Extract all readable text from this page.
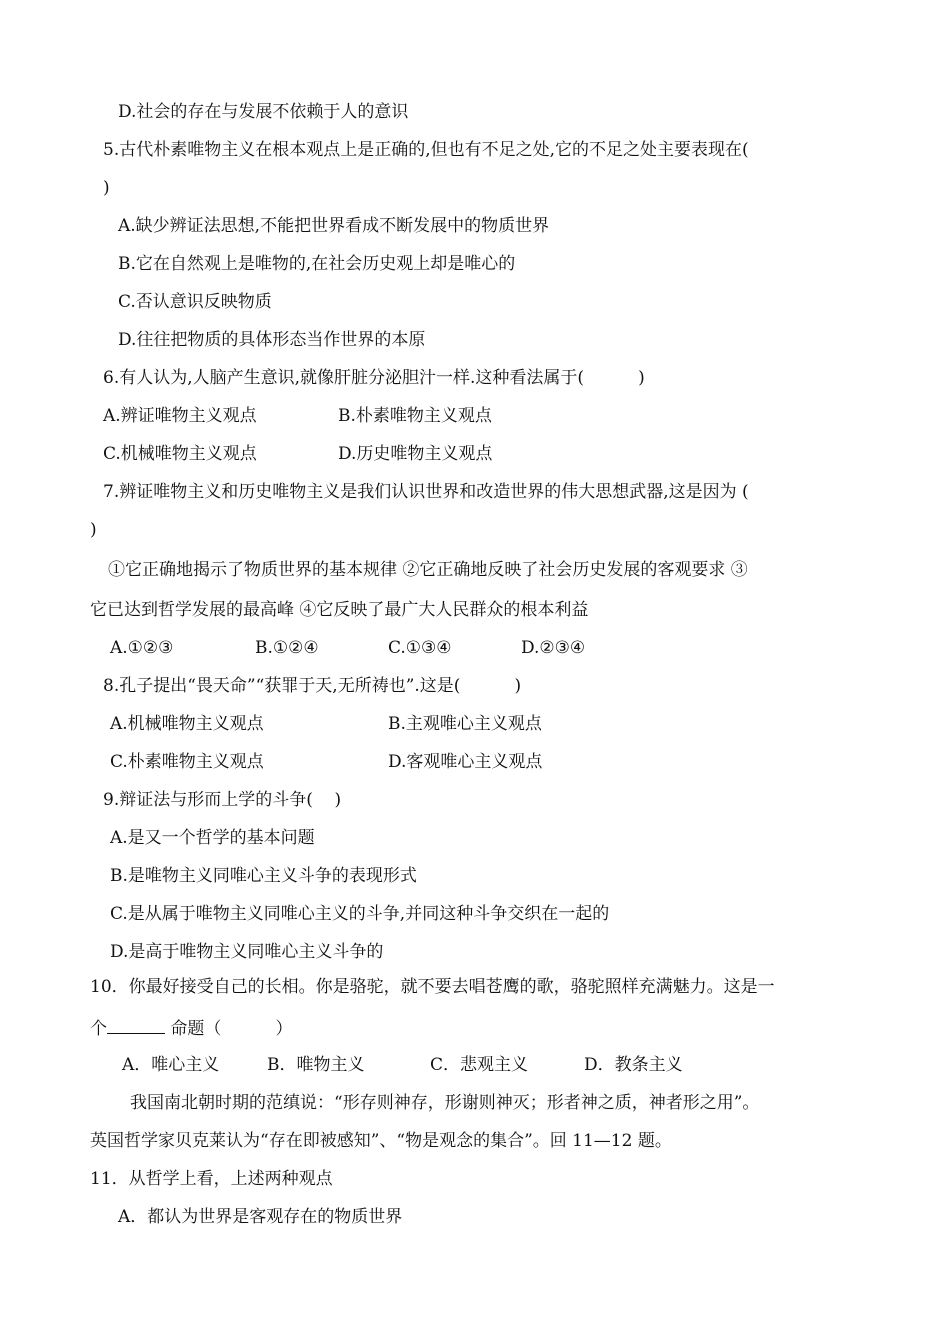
D.社会的存在与发展不依赖于人的意识
5.古代朴素唯物主义在根本观点上是正确的,但也有不足之处,它的不足之处主要表现在(
)
A.缺少辨证法思想,不能把世界看成不断发展中的物质世界
B.它在自然观上是唯物的,在社会历史观上却是唯心的
C.否认意识反映物质
D.往往把物质的具体形态当作世界的本原
6.有人认为,人脑产生意识,就像肝脏分泌胆汁一样.这种看法属于(          )
A.辨证唯物主义观点	B.朴素唯物主义观点
C.机械唯物主义观点	D.历史唯物主义观点
7.辨证唯物主义和历史唯物主义是我们认识世界和改造世界的伟大思想武器,这是因为 (
)
①它正确地揭示了物质世界的基本规律 ②它正确地反映了社会历史发展的客观要求 ③
它已达到哲学发展的最高峰 ④它反映了最广大人民群众的根本利益
A.①②③	B.①②④	C.①③④	D.②③④
8.孔子提出“畏天命”“获罪于天,无所祷也”.这是(          )
A.机械唯物主义观点	B.主观唯心主义观点
C.朴素唯物主义观点	D.客观唯心主义观点
9.辩证法与形而上学的斗争(    )
A.是又一个哲学的基本问题
B.是唯物主义同唯心主义斗争的表现形式
C.是从属于唯物主义同唯心主义的斗争,并同这种斗争交织在一起的
D.是高于唯物主义同唯心主义斗争的
10．你最好接受自己的长相。你是骆驼，就不要去唱苍鹰的歌，骆驼照样充满魅力。这是一
个	命题（          ）
A．唯心主义	B．唯物主义	C．悲观主义	D．教条主义
我国南北朝时期的范缜说：“形存则神存，形谢则神灭；形者神之质，神者形之用”。
英国哲学家贝克莱认为“存在即被感知”、“物是观念的集合”。回 11—12 题。
11．从哲学上看，上述两种观点
A．都认为世界是客观存在的物质世界
